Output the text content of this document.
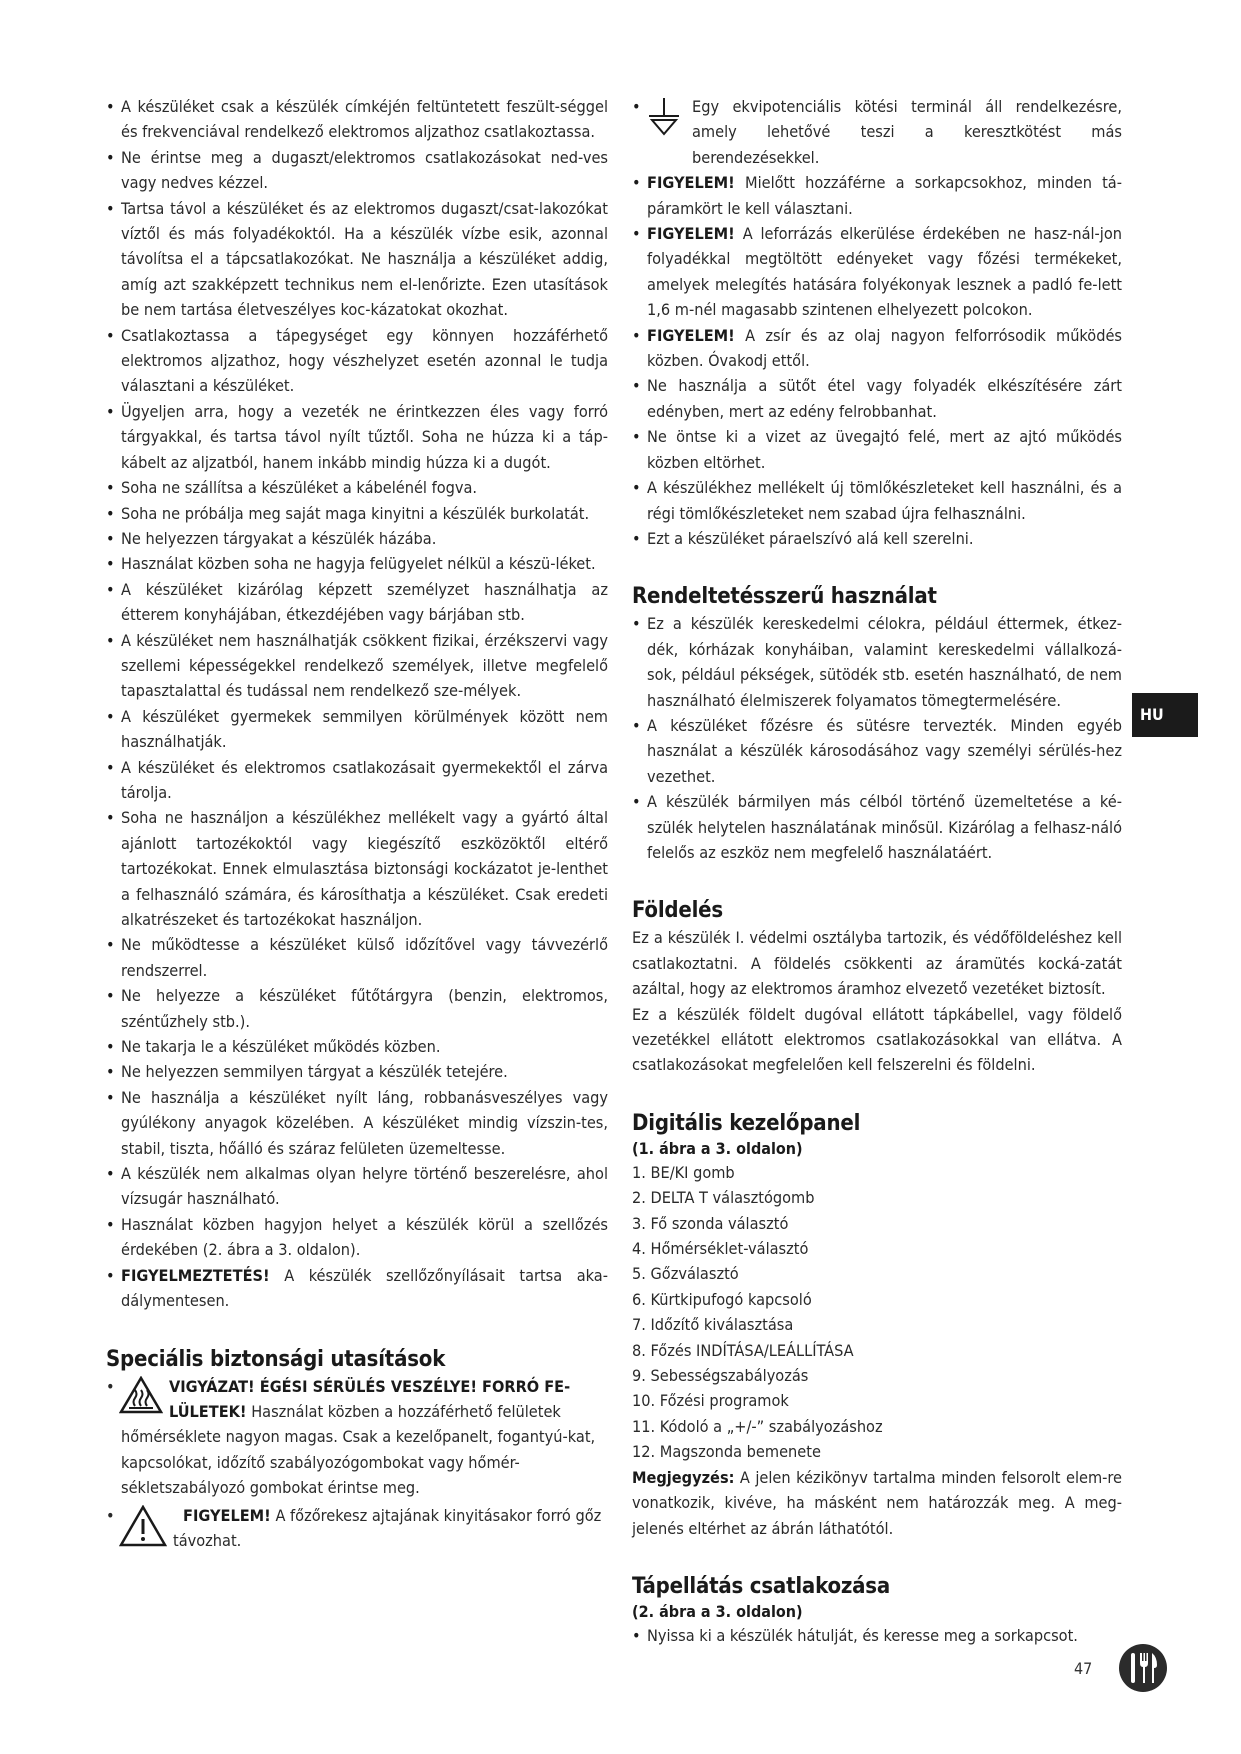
• A készüléket csak a készülék címkéjén feltüntetett feszült-séggel és frekvenciával rendelkező elektromos aljzathoz csatlakoztassa.
• Ne érintse meg a dugaszt/elektromos csatlakozásokat ned-ves vagy nedves kézzel.
• Tartsa távol a készüléket és az elektromos dugaszt/csat-lakozókat víztől és más folyadékoktól. Ha a készülék vízbe esik, azonnal távolítsa el a tápcsatlakozókat. Ne használja a készüléket addig, amíg azt szakképzett technikus nem el-lenőrizte. Ezen utasítások be nem tartása életveszélyes koc-kázatokat okozhat.
• Csatlakoztassa a tápegységet egy könnyen hozzáférhető elektromos aljzathoz, hogy vészhelyzet esetén azonnal le tudja választani a készüléket.
• Ügyeljen arra, hogy a vezeték ne érintkezzen éles vagy forró tárgyakkal, és tartsa távol nyílt tűztől. Soha ne húzza ki a táp-kábelt az aljzatból, hanem inkább mindig húzza ki a dugót.
• Soha ne szállítsa a készüléket a kábelénél fogva.
• Soha ne próbálja meg saját maga kinyitni a készülék burkolatát.
• Ne helyezzen tárgyakat a készülék házába.
• Használat közben soha ne hagyja felügyelet nélkül a készü-léket.
• A készüléket kizárólag képzett személyzet használhatja az étterem konyhájában, étkezdéjében vagy bárjában stb.
• A készüléket nem használhatják csökkent fizikai, érzékszervi vagy szellemi képességekkel rendelkező személyek, illetve megfelelő tapasztalattal és tudással nem rendelkező sze-mélyek.
• A készüléket gyermekek semmilyen körülmények között nem használhatják.
• A készüléket és elektromos csatlakozásait gyermekektől el zárva tárolja.
• Soha ne használjon a készülékhez mellékelt vagy a gyártó által ajánlott tartozékoktól vagy kiegészítő eszközöktől eltérő tartozékokat. Ennek elmulasztása biztonsági kockázatot je-lenthet a felhasználó számára, és károsíthatja a készüléket. Csak eredeti alkatrészeket és tartozékokat használjon.
• Ne működtesse a készüléket külső időzítővel vagy távvezérlő rendszerrel.
• Ne helyezze a készüléket fűtőtárgyra (benzin, elektromos, széntűzhely stb.).
• Ne takarja le a készüléket működés közben.
• Ne helyezzen semmilyen tárgyat a készülék tetejére.
• Ne használja a készüléket nyílt láng, robbanásveszélyes vagy gyúlékony anyagok közelében. A készüléket mindig vízszin-tes, stabil, tiszta, hőálló és száraz felületen üzemeltesse.
• A készülék nem alkalmas olyan helyre történő beszerelésre, ahol vízsugár használható.
• Használat közben hagyjon helyet a készülék körül a szellőzés érdekében (2. ábra a 3. oldalon).
• FIGYELMEZTETÉS! A készülék szellőzőnyílásait tartsa aka-dálymentesen.
Speciális biztonsági utasítások
•	VIGYÁZAT! ÉGÉSI SÉRÜLÉS VESZÉLYE! FORRÓ FE-LÜLETEK! Használat közben a hozzáférhető felületek hőmérséklete nagyon magas. Csak a kezelőpanelt, fogantyú-kat, kapcsolókat, időzítő szabályozógombokat vagy hőmér-sékletszabályozó gombokat érintse meg.
•	FIGYELEM! A főzőrekesz ajtajának kinyitásakor forró gőz távozhat.
• Egy ekvipotenciális kötési terminál áll rendelkezésre, amely lehetővé teszi a keresztkötést más berendezésekkel.
• FIGYELEM! Mielőtt hozzáférne a sorkapcsokhoz, minden tá-páramkört le kell választani.
• FIGYELEM! A leforrázás elkerülése érdekében ne hasz-nál-jon folyadékkal megtöltött edényeket vagy főzési termékeket, amelyek melegítés hatására folyékonyak lesznek a padló fe-lett 1,6 m-nél magasabb szintenen elhelyezett polcokon.
• FIGYELEM! A zsír és az olaj nagyon felforrósodik működés közben. Óvakodj ettől.
• Ne használja a sütőt étel vagy folyadék elkészítésére zárt edényben, mert az edény felrobbanhat.
• Ne öntse ki a vizet az üvegajtó felé, mert az ajtó működés közben eltörhet.
• A készülékhez mellékelt új tömlőkészleteket kell használni, és a régi tömlőkészleteket nem szabad újra felhasználni.
• Ezt a készüléket páraelszívó alá kell szerelni.
Rendeltetésszerű használat
• Ez a készülék kereskedelmi célokra, például éttermek, étkez-dék, kórházak konyháiban, valamint kereskedelmi vállalkozá-sok, például pékségek, sütödék stb. esetén használható, de nem használható élelmiszerek folyamatos tömegtermelésére.
• A készüléket főzésre és sütésre tervezték. Minden egyéb használat a készülék károsodásához vagy személyi sérülés-hez vezethet.
• A készülék bármilyen más célból történő üzemeltetése a ké-szülék helytelen használatának minősül. Kizárólag a felhasz-náló felelős az eszköz nem megfelelő használatáért.
Földelés

Ez a készülék I. védelmi osztályba tartozik, és védőföldeléshez kell csatlakoztatni. A földelés csökkenti az áramütés kocká-zatát azáltal, hogy az elektromos áramhoz elvezető vezetéket biztosít.

Ez a készülék földelt dugóval ellátott tápkábellel, vagy földelő vezetékkel ellátott elektromos csatlakozásokkal van ellátva. A csatlakozásokat megfelelően kell felszerelni és földelni.

Digitális kezelőpanel
(1. ábra a 3. oldalon)
1. BE/KI gomb
2. DELTA T választógomb
3. Fő szonda választó
4. Hőmérséklet-választó
5. Gőzválasztó
6. Kürtkipufogó kapcsoló
7. Időzítő kiválasztása
8. Főzés INDÍTÁSA/LEÁLLÍTÁSA
9. Sebességszabályozás
10. Főzési programok
11. Kódoló a „+/-” szabályozáshoz
12. Magszonda bemenete

Megjegyzés: A jelen kézikönyv tartalma minden felsorolt elem-re vonatkozik, kivéve, ha másként nem határozzák meg. A meg-jelenés eltérhet az ábrán láthatótól.

Tápellátás csatlakozása
(2. ábra a 3. oldalon)
• Nyissa ki a készülék hátulját, és keresse meg a sorkapcsot.
HU
47
